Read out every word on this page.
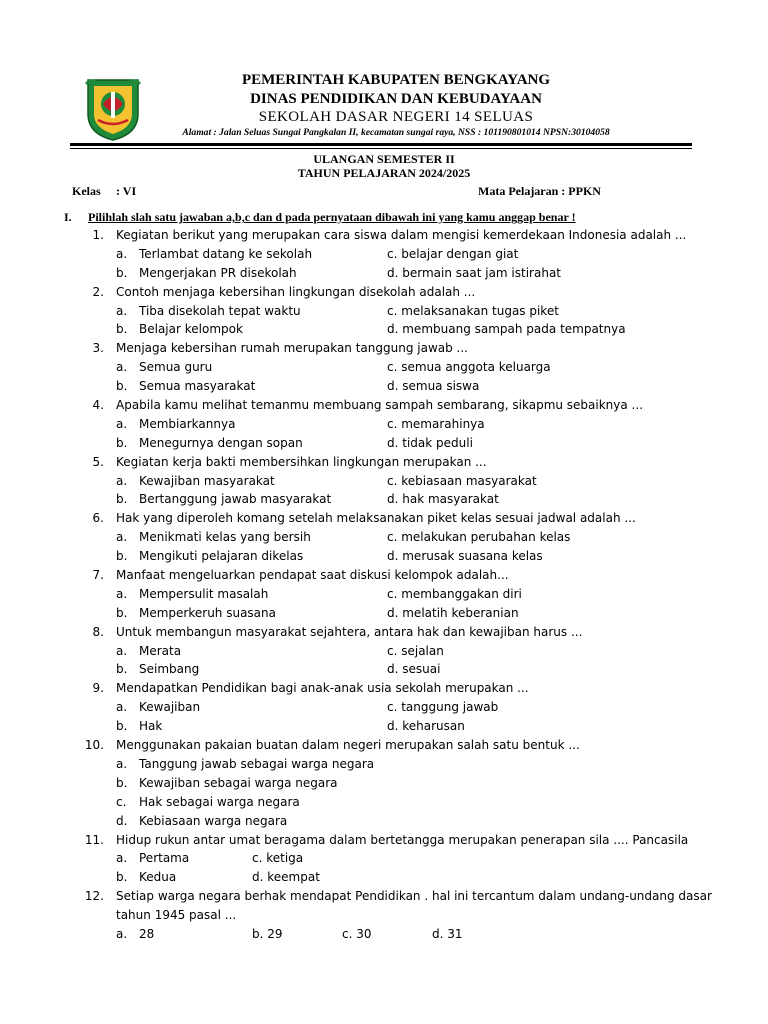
PEMERINTAH KABUPATEN BENGKAYANG
DINAS PENDIDIKAN DAN KEBUDAYAAN
SEKOLAH DASAR NEGERI 14 SELUAS
Alamat : Jalan Seluas Sungai Pangkalan II, kecamatan sungai raya, NSS : 101190801014 NPSN:30104058
ULANGAN SEMESTER II
TAHUN PELAJARAN 2024/2025
Kelas : VI	Mata Pelajaran : PPKN
I. Pilihlah slah satu jawaban a,b,c dan d pada pernyataan dibawah ini yang kamu anggap benar !
1. Kegiatan berikut yang merupakan cara siswa dalam mengisi kemerdekaan Indonesia adalah ...
a. Terlambat datang ke sekolah	c. belajar dengan giat
b. Mengerjakan PR disekolah	d. bermain saat jam istirahat
2. Contoh menjaga kebersihan lingkungan disekolah adalah ...
a. Tiba disekolah tepat waktu	c. melaksanakan tugas piket
b. Belajar kelompok	d. membuang sampah pada tempatnya
3. Menjaga kebersihan rumah merupakan tanggung jawab ...
a. Semua guru	c. semua anggota keluarga
b. Semua masyarakat	d. semua siswa
4. Apabila kamu melihat temanmu membuang sampah sembarang, sikapmu sebaiknya ...
a. Membiarkannya	c. memarahinya
b. Menegurnya dengan sopan	d. tidak peduli
5. Kegiatan kerja bakti membersihkan lingkungan merupakan ...
a. Kewajiban masyarakat	c. kebiasaan masyarakat
b. Bertanggung jawab masyarakat	d. hak masyarakat
6. Hak yang diperoleh komang setelah melaksanakan piket kelas sesuai jadwal adalah ...
a. Menikmati kelas yang bersih	c. melakukan perubahan kelas
b. Mengikuti pelajaran dikelas	d. merusak suasana kelas
7. Manfaat mengeluarkan pendapat saat diskusi kelompok adalah...
a. Mempersulit masalah	c. membanggakan diri
b. Memperkeruh suasana	d. melatih keberanian
8. Untuk membangun masyarakat sejahtera, antara hak dan kewajiban harus ...
a. Merata	c. sejalan
b. Seimbang	d. sesuai
9. Mendapatkan Pendidikan bagi anak-anak usia sekolah merupakan ...
a. Kewajiban	c. tanggung jawab
b. Hak	d. keharusan
10. Menggunakan pakaian buatan dalam negeri merupakan salah satu bentuk ...
a. Tanggung jawab sebagai warga negara
b. Kewajiban sebagai warga negara
c. Hak sebagai warga negara
d. Kebiasaan warga negara
11. Hidup rukun antar umat beragama dalam bertetangga merupakan penerapan sila .... Pancasila
a. Pertama	c. ketiga
b. Kedua	d. keempat
12. Setiap warga negara berhak mendapat Pendidikan . hal ini tercantum dalam undang-undang dasar
tahun 1945 pasal ...
a. 28	b. 29	c. 30	d. 31
